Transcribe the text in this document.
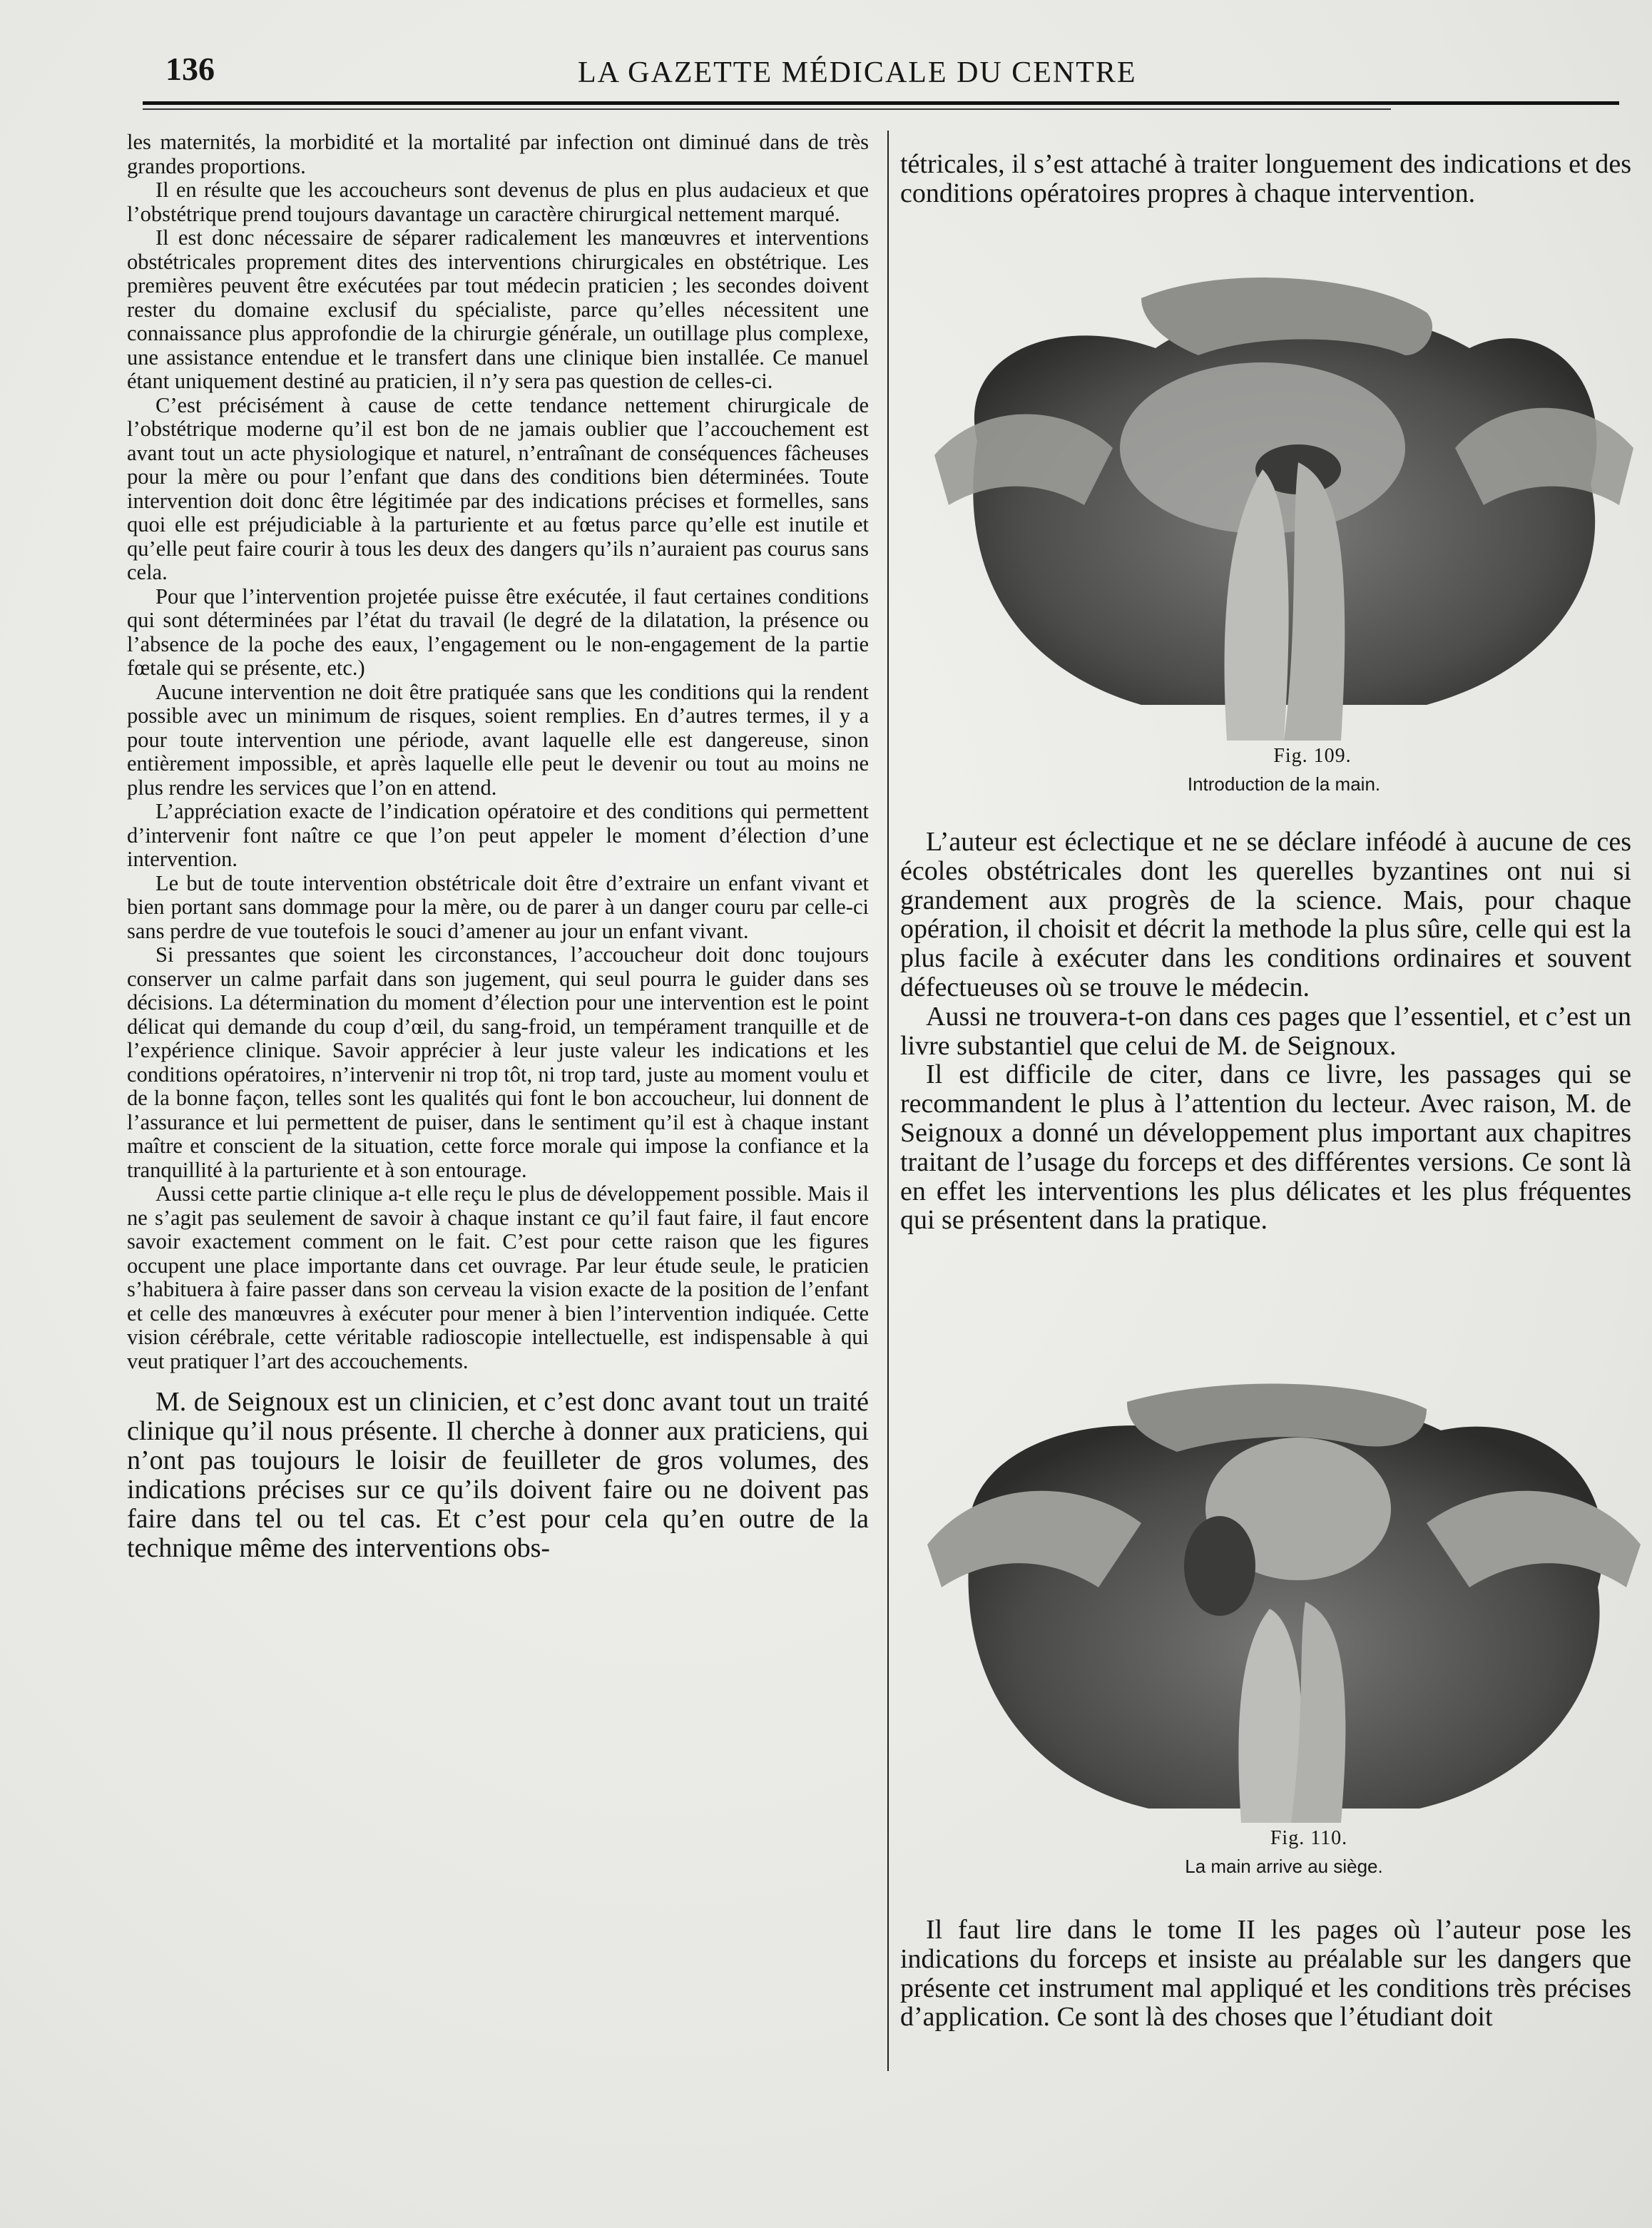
136	LA GAZETTE MÉDICALE DU CENTRE

les maternités, la morbidité et la mortalité par infection ont diminué dans de très grandes proportions.

Il en résulte que les accoucheurs sont devenus de plus en plus audacieux et que l’obstétrique prend toujours davantage un caractère chirurgical nettement marqué.

Il est donc nécessaire de séparer radicalement les manœuvres et interventions obstétricales proprement dites des interventions chirurgicales en obstétrique. Les premières peuvent être exécutées par tout médecin praticien ; les secondes doivent rester du domaine exclusif du spécialiste, parce qu’elles nécessitent une connaissance plus approfondie de la chirurgie générale, un outillage plus complexe, une assistance entendue et le transfert dans une clinique bien installée. Ce manuel étant uniquement destiné au praticien, il n’y sera pas question de celles-ci.

C’est précisément à cause de cette tendance nettement chirurgicale de l’obstétrique moderne qu’il est bon de ne jamais oublier que l’accouchement est avant tout un acte physiologique et naturel, n’entraînant de conséquences fâcheuses pour la mère ou pour l’enfant que dans des conditions bien déterminées. Toute intervention doit donc être légitimée par des indications précises et formelles, sans quoi elle est préjudiciable à la parturiente et au fœtus parce qu’elle est inutile et qu’elle peut faire courir à tous les deux des dangers qu’ils n’auraient pas courus sans cela.

Pour que l’intervention projetée puisse être exécutée, il faut certaines conditions qui sont déterminées par l’état du travail (le degré de la dilatation, la présence ou l’absence de la poche des eaux, l’engagement ou le non-engagement de la partie fœtale qui se présente, etc.)

Aucune intervention ne doit être pratiquée sans que les conditions qui la rendent possible avec un minimum de risques, soient remplies. En d’autres termes, il y a pour toute intervention une période, avant laquelle elle est dangereuse, sinon entièrement impossible, et après laquelle elle peut le devenir ou tout au moins ne plus rendre les services que l’on en attend.

L’appréciation exacte de l’indication opératoire et des conditions qui permettent d’intervenir font naître ce que l’on peut appeler le moment d’élection d’une intervention.

Le but de toute intervention obstétricale doit être d’extraire un enfant vivant et bien portant sans dommage pour la mère, ou de parer à un danger couru par celle-ci sans perdre de vue toutefois le souci d’amener au jour un enfant vivant.

Si pressantes que soient les circonstances, l’accoucheur doit donc toujours conserver un calme parfait dans son jugement, qui seul pourra le guider dans ses décisions. La détermination du moment d’élection pour une intervention est le point délicat qui demande du coup d’œil, du sang-froid, un tempérament tranquille et de l’expérience clinique. Savoir apprécier à leur juste valeur les indications et les conditions opératoires, n’intervenir ni trop tôt, ni trop tard, juste au moment voulu et de la bonne façon, telles sont les qualités qui font le bon accoucheur, lui donnent de l’assurance et lui permettent de puiser, dans le sentiment qu’il est à chaque instant maître et conscient de la situation, cette force morale qui impose la confiance et la tranquillité à la parturiente et à son entourage.

Aussi cette partie clinique a-t elle reçu le plus de développement possible. Mais il ne s’agit pas seulement de savoir à chaque instant ce qu’il faut faire, il faut encore savoir exactement comment on le fait. C’est pour cette raison que les figures occupent une place importante dans cet ouvrage. Par leur étude seule, le praticien s’habituera à faire passer dans son cerveau la vision exacte de la position de l’enfant et celle des manœuvres à exécuter pour mener à bien l’intervention indiquée. Cette vision cérébrale, cette véritable radioscopie intellectuelle, est indispensable à qui veut pratiquer l’art des accouchements.

M. de Seignoux est un clinicien, et c’est donc avant tout un traité clinique qu’il nous présente. Il cherche à donner aux praticiens, qui n’ont pas toujours le loisir de feuilleter de gros volumes, des indications précises sur ce qu’ils doivent faire ou ne doivent pas faire dans tel ou tel cas. Et c’est pour cela qu’en outre de la technique même des interventions obs-

tétricales, il s’est attaché à traiter longuement des indications et des conditions opératoires propres à chaque intervention.

Fig. 109.
Introduction de la main.

L’auteur est éclectique et ne se déclare inféodé à aucune de ces écoles obstétricales dont les querelles byzantines ont nui si grandement aux progrès de la science. Mais, pour chaque opération, il choisit et décrit la methode la plus sûre, celle qui est la plus facile à exécuter dans les conditions ordinaires et souvent défectueuses où se trouve le médecin.

Aussi ne trouvera-t-on dans ces pages que l’essentiel, et c’est un livre substantiel que celui de M. de Seignoux.

Il est difficile de citer, dans ce livre, les passages qui se recommandent le plus à l’attention du lecteur. Avec raison, M. de Seignoux a donné un développement plus important aux chapitres traitant de l’usage du forceps et des différentes versions. Ce sont là en effet les interventions les plus délicates et les plus fréquentes qui se présentent dans la pratique.

Fig. 110.
La main arrive au siège.

Il faut lire dans le tome II les pages où l’auteur pose les indications du forceps et insiste au préalable sur les dangers que présente cet instrument mal appliqué et les conditions très précises d’application. Ce sont là des choses que l’étudiant doit
